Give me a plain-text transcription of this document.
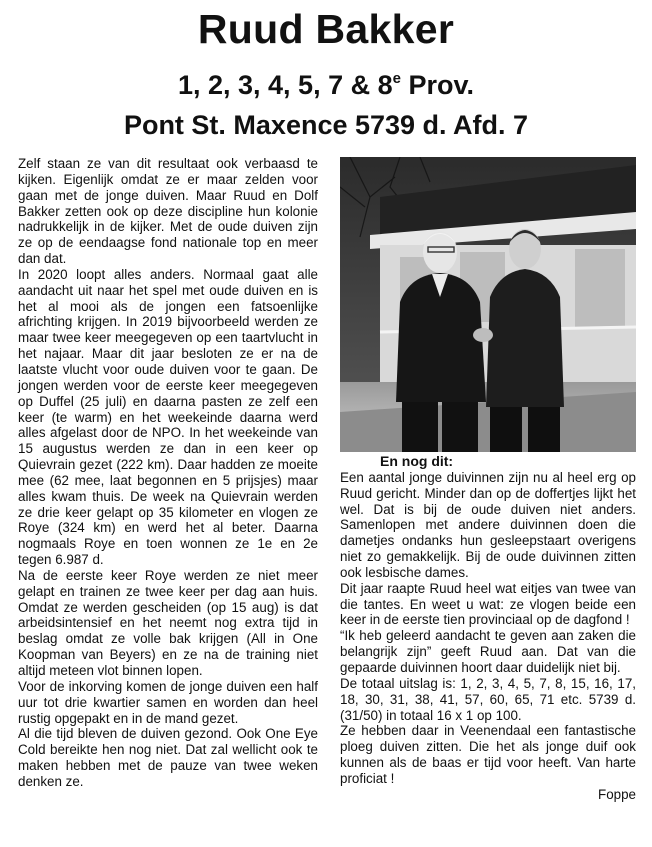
Ruud Bakker
1, 2, 3, 4, 5, 7 & 8e Prov.
Pont St. Maxence 5739 d. Afd. 7

Zelf staan ze van dit resultaat ook verbaasd te kijken. Eigenlijk omdat ze er maar zelden voor gaan met de jonge duiven. Maar Ruud en Dolf Bakker zetten ook op deze discipline hun kolonie nadrukkelijk in de kijker. Met de oude duiven zijn ze op de eendaagse fond nationale top en meer dan dat.

In 2020 loopt alles anders. Normaal gaat alle aandacht uit naar het spel met oude duiven en is het al mooi als de jongen een fatsoenlijke africhting krijgen. In 2019 bijvoorbeeld werden ze maar twee keer meegegeven op een taartvlucht in het najaar. Maar dit jaar besloten ze er na de laatste vlucht voor oude duiven voor te gaan. De jongen werden voor de eerste keer meegegeven op Duffel (25 juli) en daarna pasten ze zelf een keer (te warm) en het weekeinde daarna werd alles afgelast door de NPO. In het weekeinde van 15 augustus werden ze dan in een keer op Quievrain gezet (222 km). Daar hadden ze moeite mee (62 mee, laat begonnen en 5 prijsjes) maar alles kwam thuis. De week na Quievrain werden ze drie keer gelapt op 35 kilometer en vlogen ze Roye (324 km) en werd het al beter. Daarna nogmaals Roye en toen wonnen ze 1e en 2e tegen 6.987 d.

Na de eerste keer Roye werden ze niet meer gelapt en trainen ze twee keer per dag aan huis. Omdat ze werden gescheiden (op 15 aug) is dat arbeidsintensief en het neemt nog extra tijd in beslag omdat ze volle bak krijgen (All in One Koopman van Beyers) en ze na de training niet altijd meteen vlot binnen lopen.

Voor de inkorving komen de jonge duiven een half uur tot drie kwartier samen en worden dan heel rustig opgepakt en in de mand gezet.

Al die tijd bleven de duiven gezond. Ook One Eye Cold bereikte hen nog niet. Dat zal wellicht ook te maken hebben met de pauze van twee weken denken ze.

En nog dit:

Een aantal jonge duivinnen zijn nu al heel erg op Ruud gericht. Minder dan op de doffertjes lijkt het wel. Dat is bij de oude duiven niet anders. Samenlopen met andere duivinnen doen die dametjes ondanks hun gesleepstaart overigens niet zo gemakkelijk. Bij de oude duivinnen zitten ook lesbische dames.

Dit jaar raapte Ruud heel wat eitjes van twee van die tantes. En weet u wat: ze vlogen beide een keer in de eerste tien provinciaal op de dagfond !

“Ik heb geleerd aandacht te geven aan zaken die belangrijk zijn” geeft Ruud aan. Dat van die gepaarde duivinnen hoort daar duidelijk niet bij.

De totaal uitslag is: 1, 2, 3, 4, 5, 7, 8, 15, 16, 17, 18, 30, 31, 38, 41, 57, 60, 65, 71 etc. 5739 d. (31/50) in totaal 16 x 1 op 100.

Ze hebben daar in Veenendaal een fantastische ploeg duiven zitten. Die het als jonge duif ook kunnen als de baas er tijd voor heeft. Van harte proficiat !

Foppe
